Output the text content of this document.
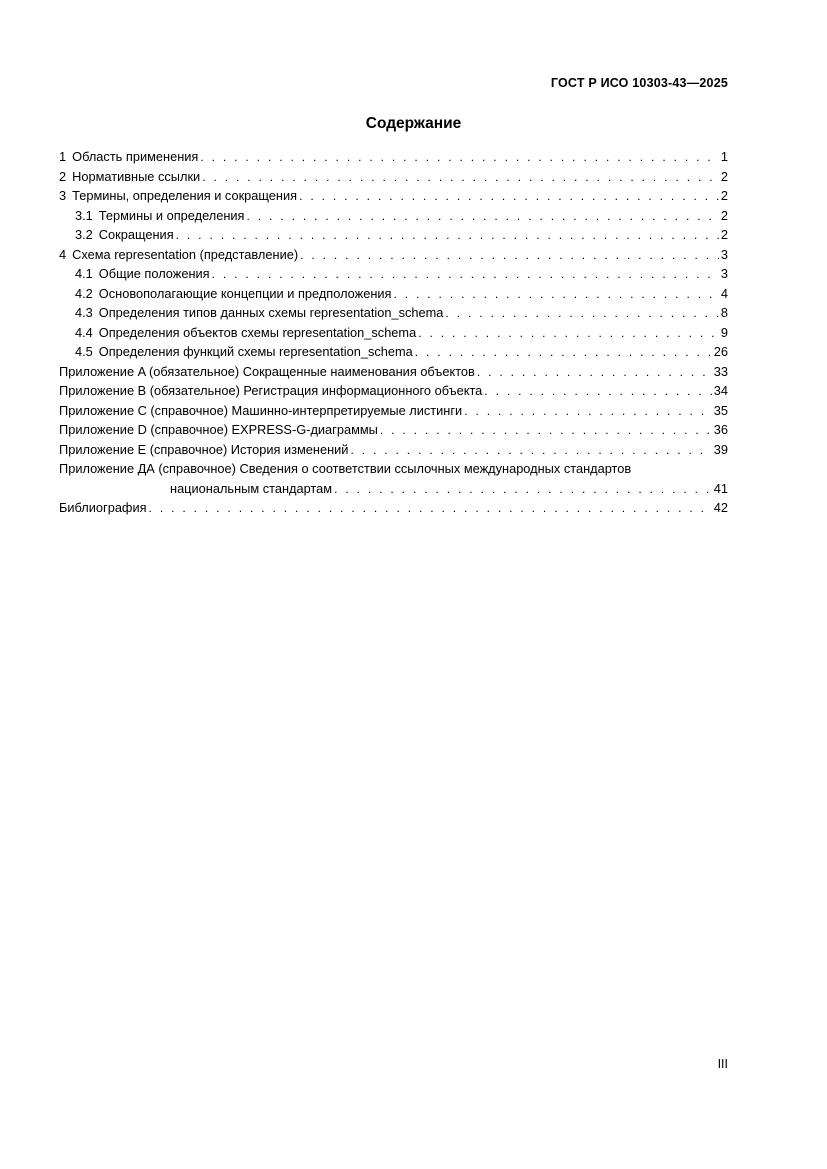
ГОСТ Р ИСО 10303-43—2025
Содержание
1 Область применения . . .	1
2 Нормативные ссылки . . .	2
3 Термины, определения и сокращения . . .	2
3.1 Термины и определения . . .	2
3.2 Сокращения . . .	2
4 Схема representation (представление) . . .	3
4.1 Общие положения . . .	3
4.2 Основополагающие концепции и предположения . . .	4
4.3 Определения типов данных схемы representation_schema . . .	8
4.4 Определения объектов схемы representation_schema . . .	9
4.5 Определения функций схемы representation_schema . . .	26
Приложение A (обязательное) Сокращенные наименования объектов . . .	33
Приложение B (обязательное) Регистрация информационного объекта . . .	34
Приложение C (справочное) Машинно-интерпретируемые листинги . . .	35
Приложение D (справочное) EXPRESS-G-диаграммы . . .	36
Приложение E (справочное) История изменений . . .	39
Приложение ДА (справочное) Сведения о соответствии ссылочных международных стандартов
национальным стандартам . . .	41
Библиография . . .	42
III
